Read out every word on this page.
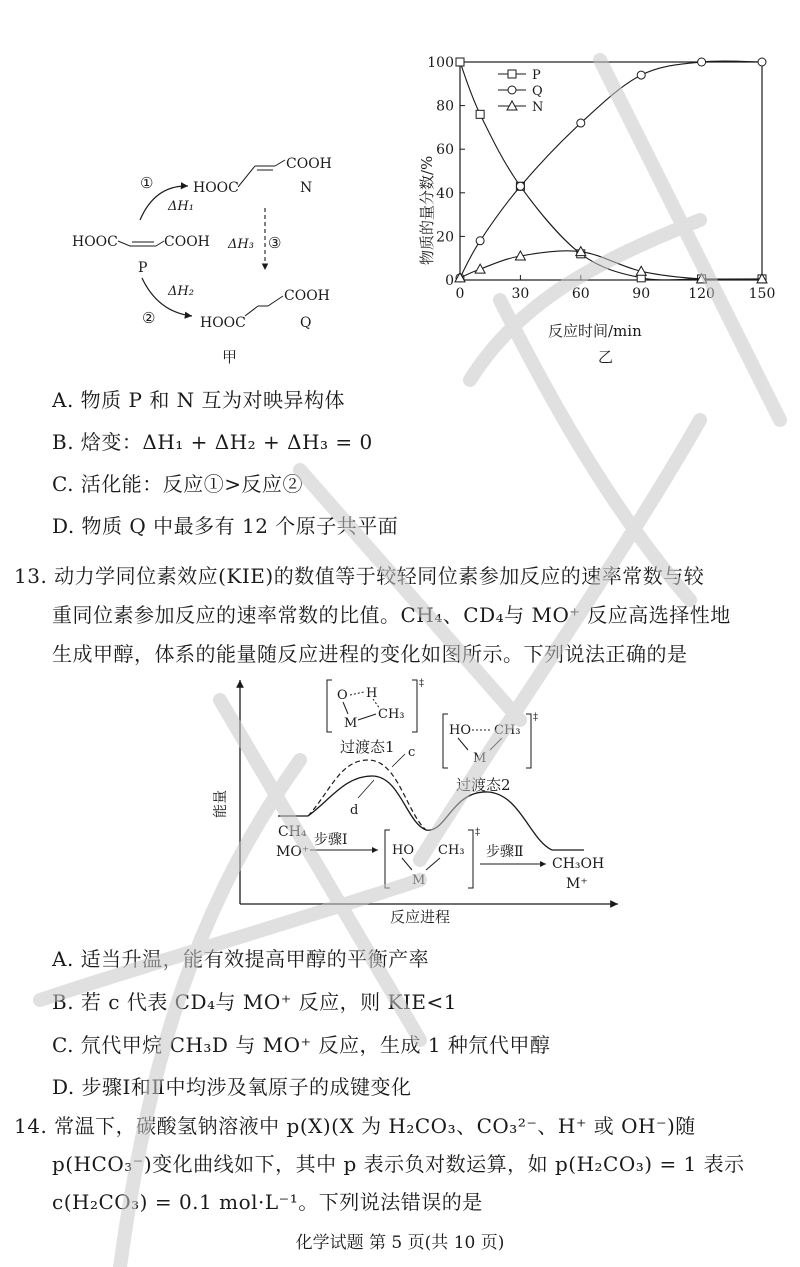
HOOC
COOH
N
①
ΔH₁
HOOC	COOH
P
ΔH₃ ③
ΔH₂
②
COOH
HOOC	Q
甲
0	30	60	90	120 150
0
20
40
60
80
100
P
Q
N
物质的量分数/%
反应时间/min
乙
A. 物质 P 和 N 互为对映异构体
B. 焓变：ΔH₁ + ΔH₂ + ΔH₃ = 0
C. 活化能：反应①>反应②
D. 物质 Q 中最多有 12 个原子共平面
13. 动力学同位素效应(KIE)的数值等于较轻同位素参加反应的速率常数与较
重同位素参加反应的速率常数的比值。CH₄、CD₄与 MO⁺ 反应高选择性地
生成甲醇，体系的能量随反应进程的变化如图所示。下列说法正确的是
能量
反应进程
c
d
‡
O H
M
CH₃
过渡态1
‡
HO CH₃
M
过渡态2
CH₄
MO⁺
步骤Ⅰ	‡
HO CH₃
M
步骤Ⅱ
CH₃OH
M⁺
A. 适当升温，能有效提高甲醇的平衡产率
B. 若 c 代表 CD₄与 MO⁺ 反应，则 KIE<1
C. 氘代甲烷 CH₃D 与 MO⁺ 反应，生成 1 种氘代甲醇
D. 步骤Ⅰ和Ⅱ中均涉及氧原子的成键变化
14. 常温下，碳酸氢钠溶液中 p(X)(X 为 H₂CO₃、CO₃²⁻、H⁺ 或 OH⁻)随
p(HCO₃⁻)变化曲线如下，其中 p 表示负对数运算，如 p(H₂CO₃) = 1 表示
c(H₂CO₃) = 0.1 mol·L⁻¹。下列说法错误的是
化学试题 第 5 页(共 10 页)
